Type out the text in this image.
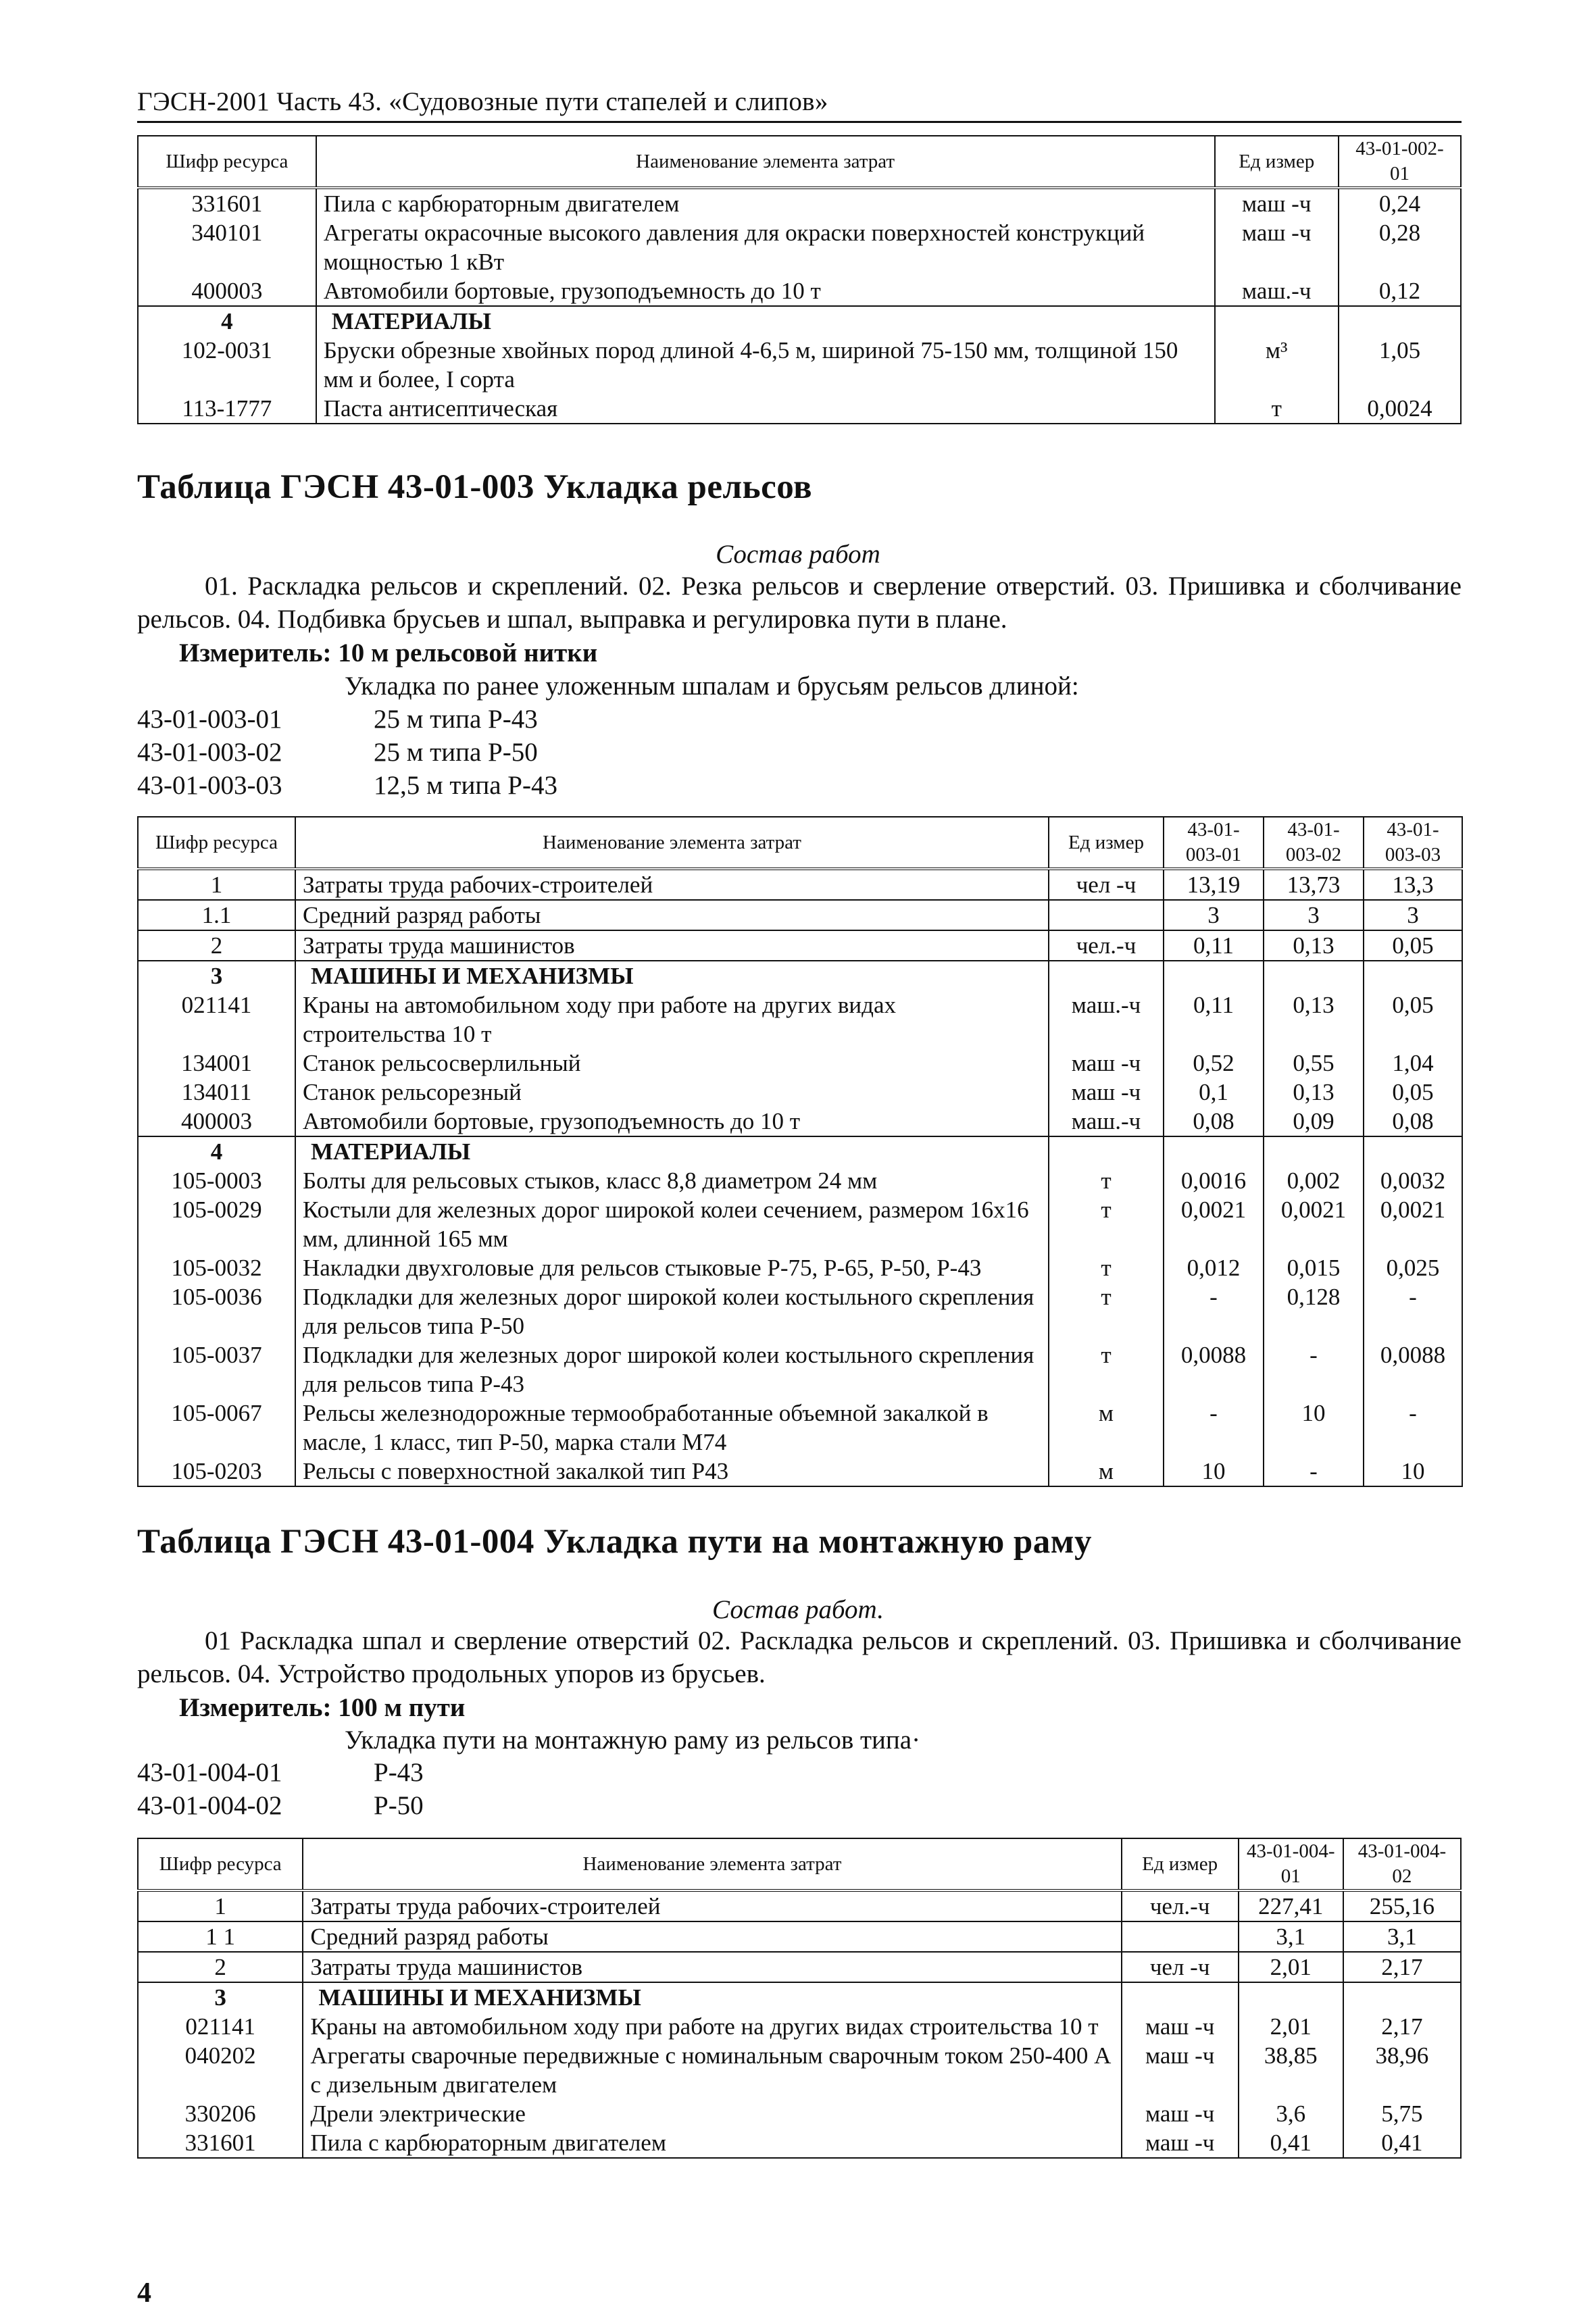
ГЭСН-2001 Часть 43. «Судовозные пути стапелей и слипов»
Шифр ресурса	Наименование элемента затрат	Ед измер	43-01-002-01
331601	Пила с карбюраторным двигателем	маш -ч	0,24
340101	Агрегаты окрасочные высокого давления для окраски поверхностей конструкций мощностью 1 кВт	маш -ч	0,28
400003	Автомобили бортовые, грузоподъемность до 10 т	маш.-ч	0,12
4	МАТЕРИАЛЫ		
102-0031	Бруски обрезные хвойных пород длиной 4-6,5 м, шириной 75-150 мм, толщиной 150 мм и более, I сорта	м³	1,05
113-1777	Паста антисептическая	т	0,0024
Таблица ГЭСН 43-01-003 Укладка рельсов
Состав работ
01. Раскладка рельсов и скреплений. 02. Резка рельсов и сверление отверстий. 03. Пришивка и сболчивание рельсов. 04. Подбивка брусьев и шпал, выправка и регулировка пути в плане.
Измеритель: 10 м рельсовой нитки
Укладка по ранее уложенным шпалам и брусьям рельсов длиной:
43-01-003-01	25 м типа Р-43
43-01-003-02	25 м типа Р-50
43-01-003-03	12,5 м типа Р-43
Шифр ресурса	Наименование элемента затрат	Ед измер	43-01-003-01	43-01-003-02	43-01-003-03
1	Затраты труда рабочих-строителей	чел -ч	13,19	13,73	13,3
1.1	Средний разряд работы		3	3	3
2	Затраты труда машинистов	чел.-ч	0,11	0,13	0,05
3	МАШИНЫ И МЕХАНИЗМЫ				
021141	Краны на автомобильном ходу при работе на других видах строительства 10 т	маш.-ч	0,11	0,13	0,05
134001	Станок рельсосверлильный	маш -ч	0,52	0,55	1,04
134011	Станок рельсорезный	маш -ч	0,1	0,13	0,05
400003	Автомобили бортовые, грузоподъемность до 10 т	маш.-ч	0,08	0,09	0,08
4	МАТЕРИАЛЫ				
105-0003	Болты для рельсовых стыков, класс 8,8 диаметром 24 мм	т	0,0016	0,002	0,0032
105-0029	Костыли для железных дорог широкой колеи сечением, размером 16x16 мм, длинной 165 мм	т	0,0021	0,0021	0,0021
105-0032	Накладки двухголовые для рельсов стыковые Р-75, Р-65, Р-50, Р-43	т	0,012	0,015	0,025
105-0036	Подкладки для железных дорог широкой колеи костыльного скрепления для рельсов типа Р-50	т	-	0,128	-
105-0037	Подкладки для железных дорог широкой колеи костыльного скрепления для рельсов типа Р-43	т	0,0088	-	0,0088
105-0067	Рельсы железнодорожные термообработанные объемной закалкой в масле, 1 класс, тип Р-50, марка стали М74	м	-	10	-
105-0203	Рельсы с поверхностной закалкой тип Р43	м	10	-	10
Таблица ГЭСН 43-01-004 Укладка пути на монтажную раму
Состав работ.
01 Раскладка шпал и сверление отверстий 02. Раскладка рельсов и скреплений. 03. Пришивка и сболчивание рельсов. 04. Устройство продольных упоров из брусьев.
Измеритель: 100 м пути
Укладка пути на монтажную раму из рельсов типа·
43-01-004-01	Р-43
43-01-004-02	Р-50
Шифр ресурса	Наименование элемента затрат	Ед измер	43-01-004-01	43-01-004-02
1	Затраты труда рабочих-строителей	чел.-ч	227,41	255,16
1 1	Средний разряд работы		3,1	3,1
2	Затраты труда машинистов	чел -ч	2,01	2,17
3	МАШИНЫ И МЕХАНИЗМЫ			
021141	Краны на автомобильном ходу при работе на других видах строительства 10 т	маш -ч	2,01	2,17
040202	Агрегаты сварочные передвижные с номинальным сварочным током 250-400 А с дизельным двигателем	маш -ч	38,85	38,96
330206	Дрели электрические	маш -ч	3,6	5,75
331601	Пила с карбюраторным двигателем	маш -ч	0,41	0,41
4
